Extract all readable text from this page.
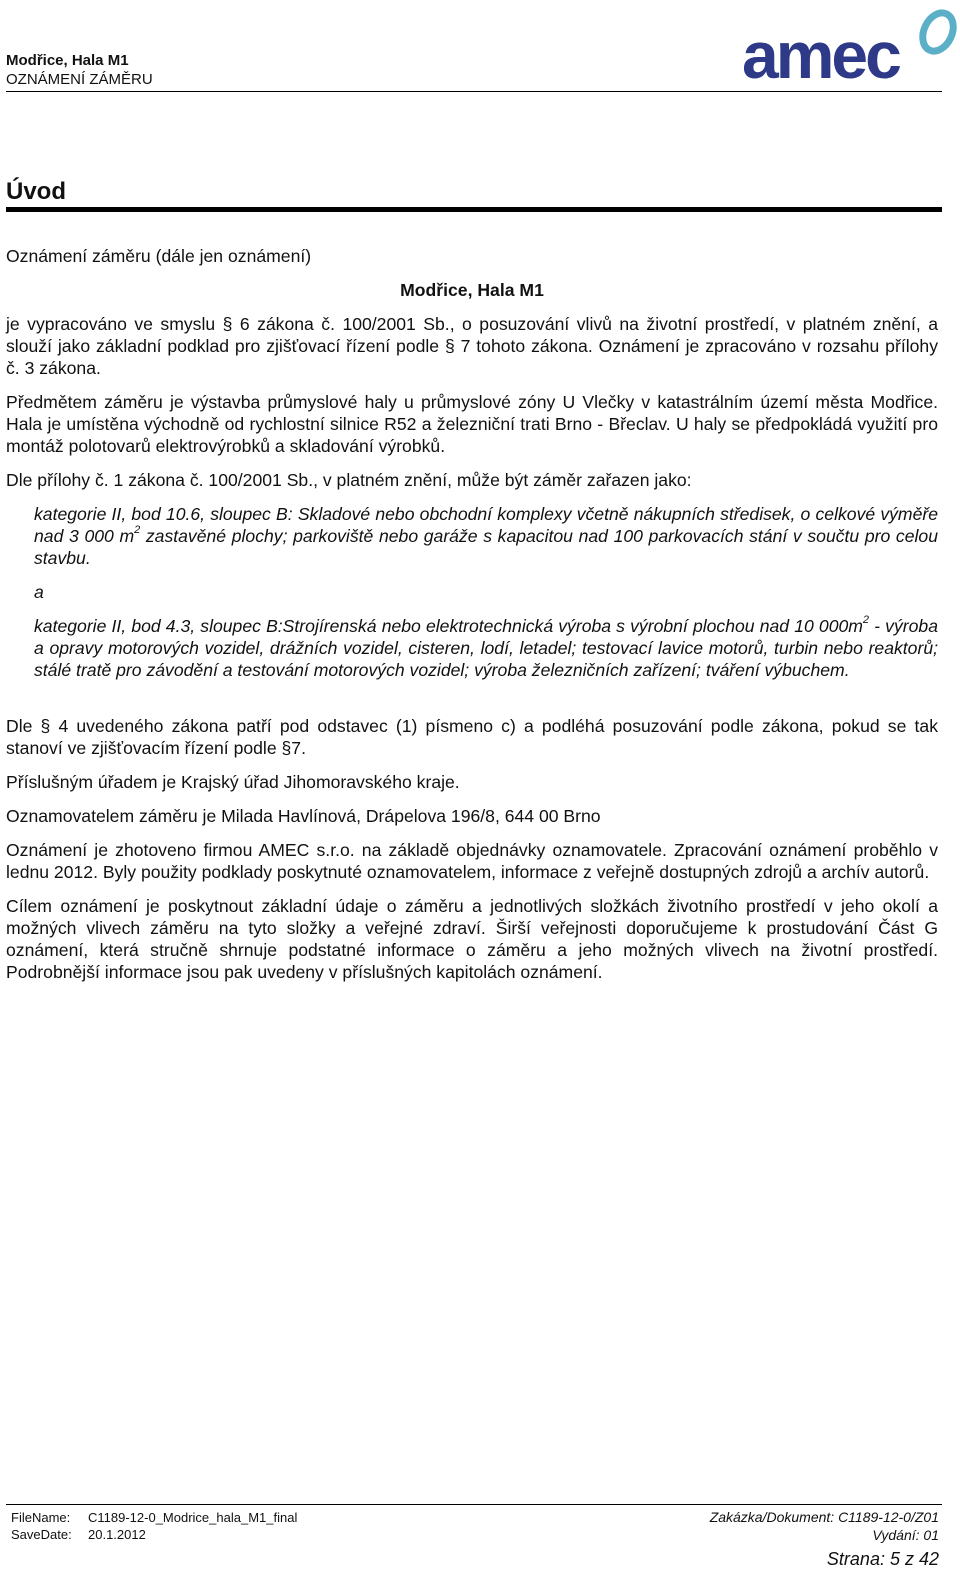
Modřice, Hala M1
OZNÁMENÍ ZÁMĚRU	amec
Úvod

Oznámení záměru (dále jen oznámení)

Modřice, Hala M1

je vypracováno ve smyslu § 6 zákona č. 100/2001 Sb., o posuzování vlivů na životní prostředí, v platném znění, a slouží jako základní podklad pro zjišťovací řízení podle § 7 tohoto zákona. Oznámení je zpracováno v rozsahu přílohy č. 3 zákona.

Předmětem záměru je výstavba průmyslové haly u průmyslové zóny U Vlečky v katastrálním území města Modřice. Hala je umístěna východně od rychlostní silnice R52 a železniční trati Brno - Břeclav. U haly se předpokládá využití pro montáž polotovarů elektrovýrobků a skladování výrobků.

Dle přílohy č. 1 zákona č. 100/2001 Sb., v platném znění, může být záměr zařazen jako:

kategorie II, bod 10.6, sloupec B: Skladové nebo obchodní komplexy včetně nákupních středisek, o celkové výměře nad 3 000 $m^2$ zastavěné plochy; parkoviště nebo garáže s kapacitou nad 100 parkovacích stání v součtu pro celou stavbu.

a

kategorie II, bod 4.3, sloupec B:Strojírenská nebo elektrotechnická výroba s výrobní plochou nad 10 $000m^2$ - výroba a opravy motorových vozidel, drážních vozidel, cisteren, lodí, letadel; testovací lavice motorů, turbin nebo reaktorů; stálé tratě pro závodění a testování motorových vozidel; výroba železničních zařízení; tváření výbuchem.

Dle § 4 uvedeného zákona patří pod odstavec (1) písmeno c) a podléhá posuzování podle zákona, pokud se tak stanoví ve zjišťovacím řízení podle §7.

Příslušným úřadem je Krajský úřad Jihomoravského kraje.

Oznamovatelem záměru je Milada Havlínová, Drápelova 196/8, 644 00 Brno

Oznámení je zhotoveno firmou AMEC s.r.o. na základě objednávky oznamovatele. Zpracování oznámení proběhlo v lednu 2012. Byly použity podklady poskytnuté oznamovatelem, informace z veřejně dostupných zdrojů a archív autorů.

Cílem oznámení je poskytnout základní údaje o záměru a jednotlivých složkách životního prostředí v jeho okolí a možných vlivech záměru na tyto složky a veřejné zdraví. Širší veřejnosti doporučujeme k prostudování Část G oznámení, která stručně shrnuje podstatné informace o záměru a jeho možných vlivech na životní prostředí. Podrobnější informace jsou pak uvedeny v příslušných kapitolách oznámení.

FileName: C1189-12-0_Modrice_hala_M1_final
SaveDate: 20.1.2012
Zakázka/Dokument: C1189-12-0/Z01
Vydání: 01
Strana: 5 z 42
